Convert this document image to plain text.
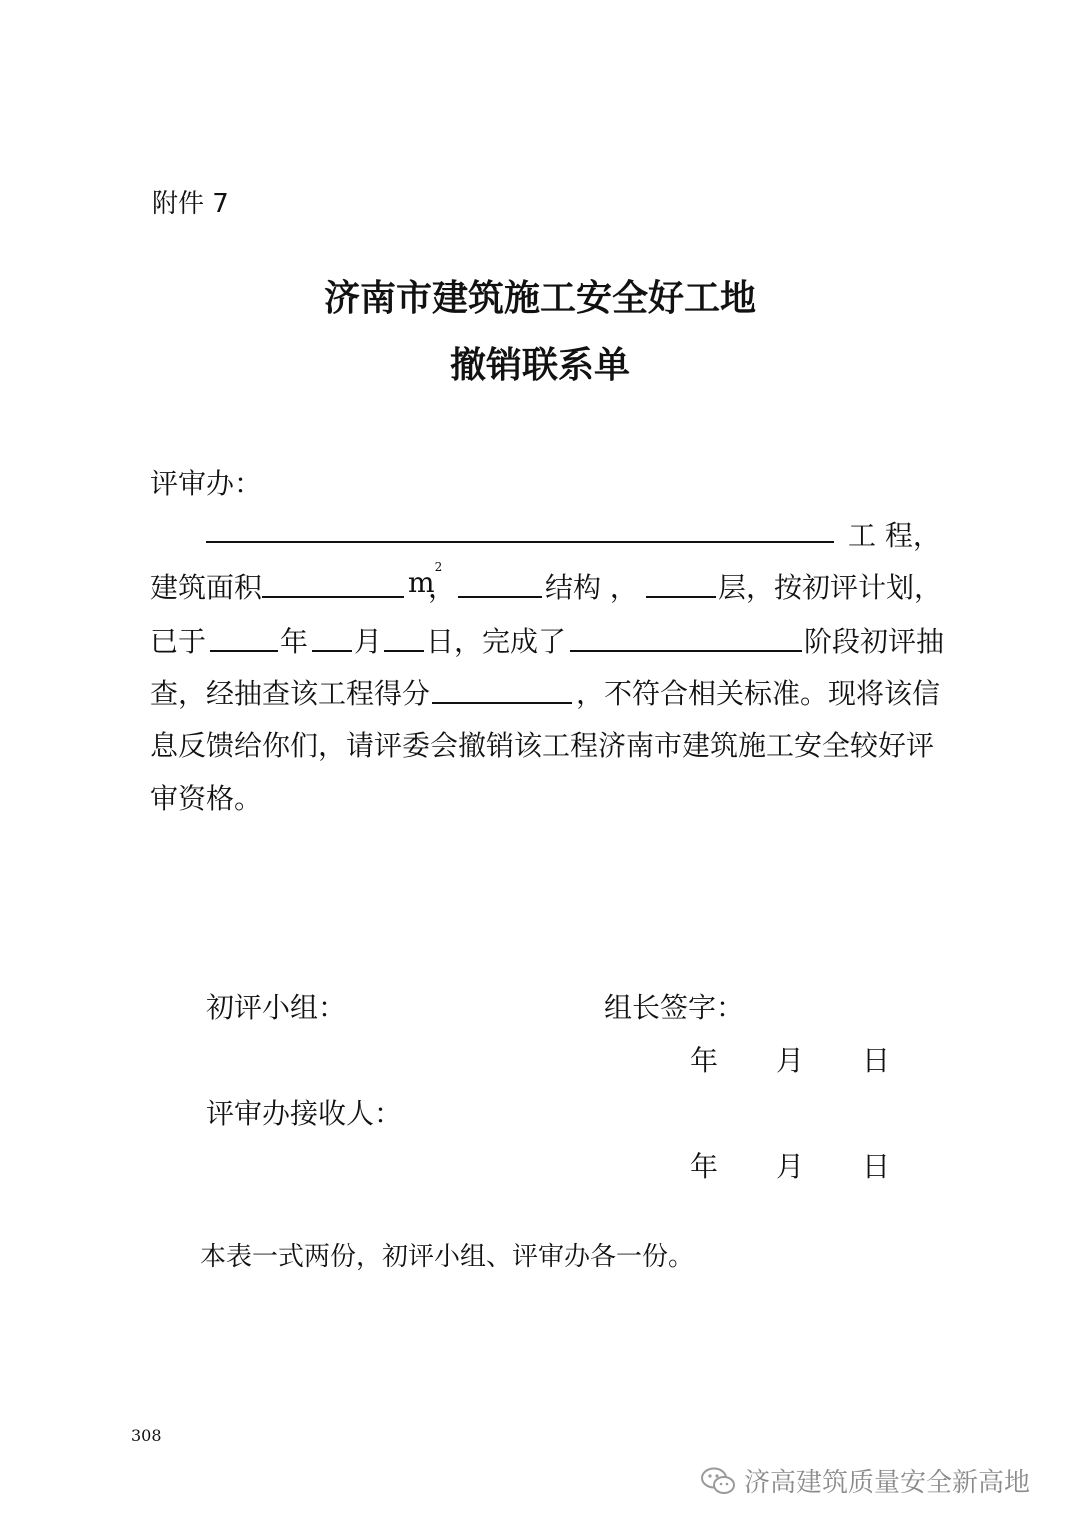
附件 7
济南市建筑施工安全好工地
撤销联系单
评审办：
工 程，
建筑面积	$m^2$
，	结构 ，	层，按初评计划，
已于	年 月 日，完成了	阶段初评抽
查，经抽查该工程得分	，不符合相关标准。现将该信
息反馈给你们，请评委会撤销该工程济南市建筑施工安全较好评
审资格。
初评小组：	组长签字：
年 月 日
评审办接收人：
年 月 日
本表一式两份，初评小组、评审办各一份。
308
济高建筑质量安全新高地
